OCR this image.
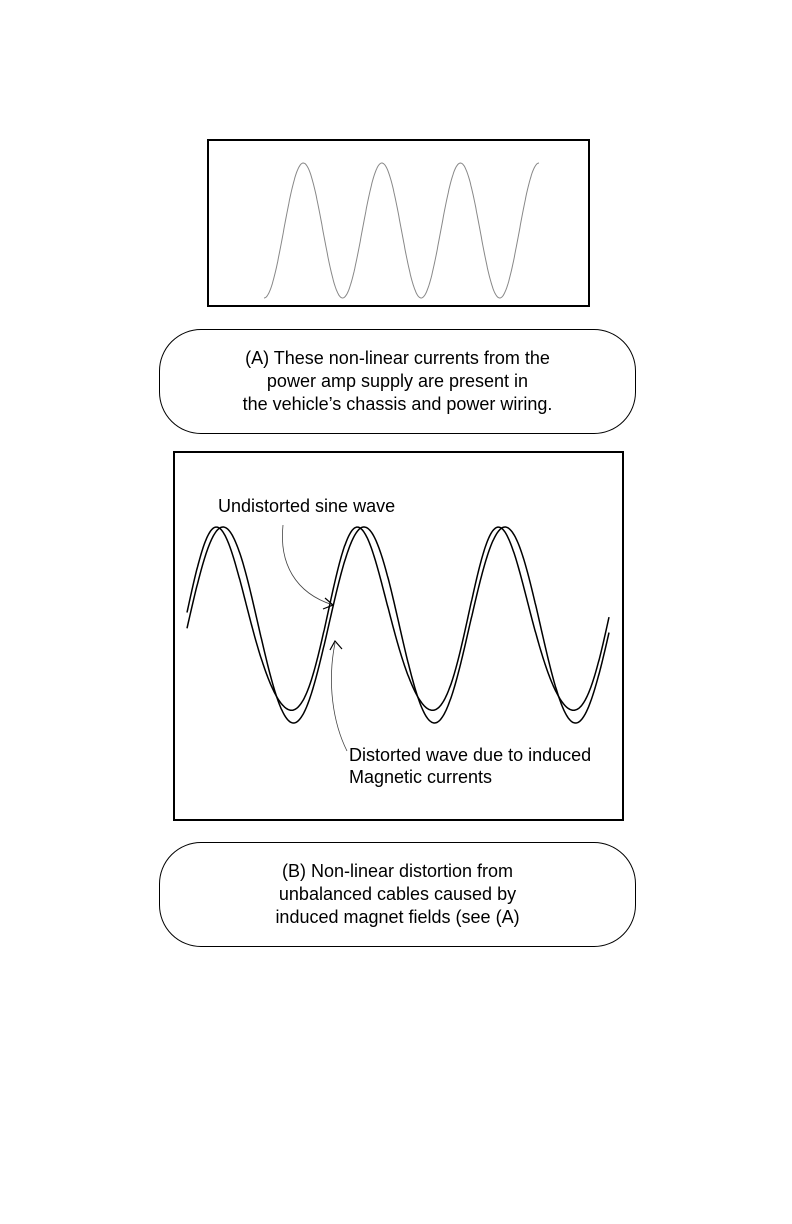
(A) These non-linear currents from the
power amp supply are present in
the vehicle’s chassis and power wiring.
Undistorted sine wave
Distorted wave due to induced
Magnetic currents
(B) Non-linear distortion from
unbalanced cables caused by
induced magnet fields (see (A)
